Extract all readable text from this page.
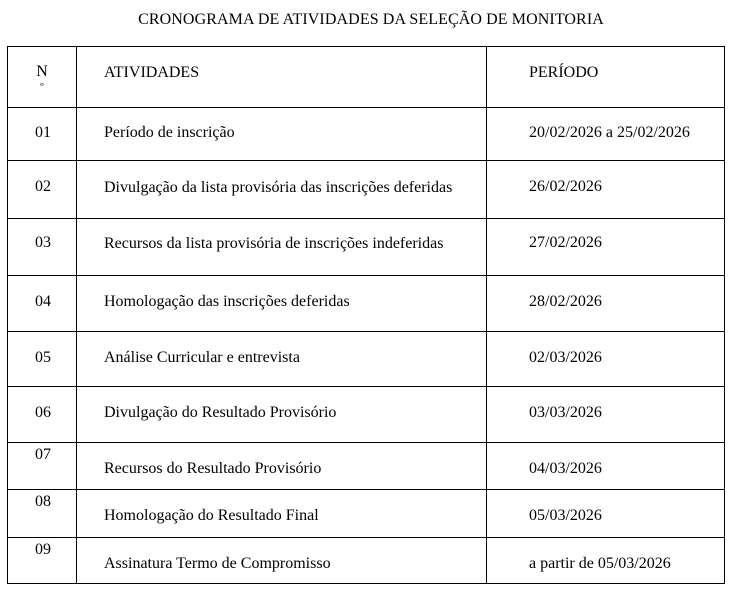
CRONOGRAMA DE ATIVIDADES DA SELEÇÃO DE MONITORIA
N
º	ATIVIDADES	PERÍODO
01	Período de inscrição	20/02/2026 a 25/02/2026
02	Divulgação da lista provisória das inscrições deferidas	26/02/2026
03	Recursos da lista provisória de inscrições indeferidas	27/02/2026
04	Homologação das inscrições deferidas	28/02/2026
05	Análise Curricular e entrevista	02/03/2026
06	Divulgação do Resultado Provisório	03/03/2026
07	Recursos do Resultado Provisório	04/03/2026
08	Homologação do Resultado Final	05/03/2026
09	Assinatura Termo de Compromisso	a partir de 05/03/2026
